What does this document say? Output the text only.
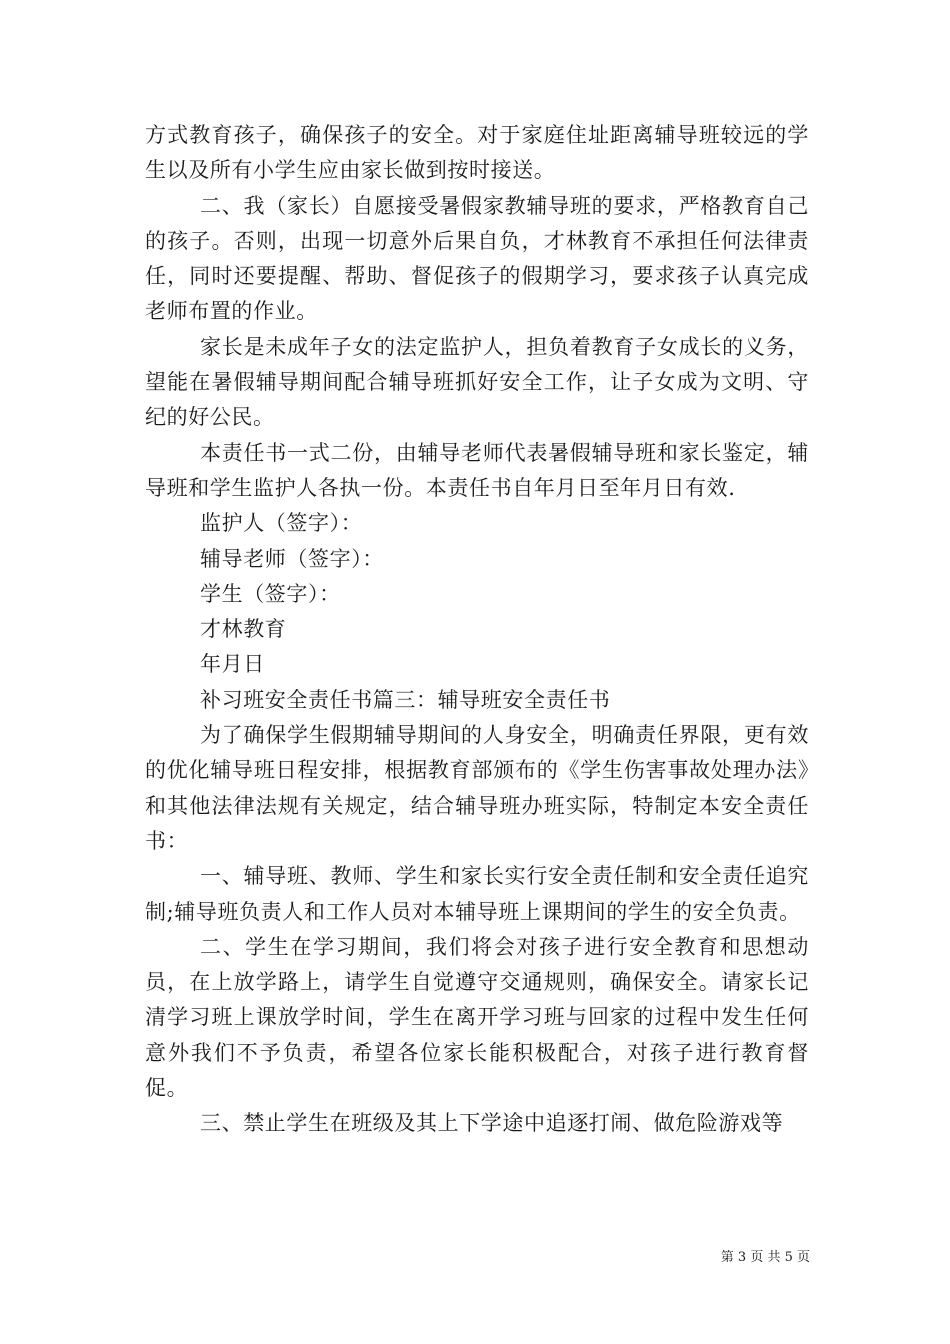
方式教育孩子，确保孩子的安全。对于家庭住址距离辅导班较远的学生以及所有小学生应由家长做到按时接送。

二、我（家长）自愿接受暑假家教辅导班的要求，严格教育自己的孩子。否则，出现一切意外后果自负，才林教育不承担任何法律责任，同时还要提醒、帮助、督促孩子的假期学习，要求孩子认真完成老师布置的作业。

家长是未成年子女的法定监护人，担负着教育子女成长的义务，望能在暑假辅导期间配合辅导班抓好安全工作，让子女成为文明、守纪的好公民。

本责任书一式二份，由辅导老师代表暑假辅导班和家长鉴定，辅导班和学生监护人各执一份。本责任书自年月日至年月日有效.

监护人（签字）：

辅导老师（签字）：

学生（签字）：

才林教育

年月日

补习班安全责任书篇三：辅导班安全责任书

为了确保学生假期辅导期间的人身安全，明确责任界限，更有效的优化辅导班日程安排，根据教育部颁布的《学生伤害事故处理办法》和其他法律法规有关规定，结合辅导班办班实际，特制定本安全责任书：

一、辅导班、教师、学生和家长实行安全责任制和安全责任追究制;辅导班负责人和工作人员对本辅导班上课期间的学生的安全负责。

二、学生在学习期间，我们将会对孩子进行安全教育和思想动员，在上放学路上，请学生自觉遵守交通规则，确保安全。请家长记清学习班上课放学时间，学生在离开学习班与回家的过程中发生任何意外我们不予负责，希望各位家长能积极配合，对孩子进行教育督促。

三、禁止学生在班级及其上下学途中追逐打闹、做危险游戏等

第 3 页 共 5 页
